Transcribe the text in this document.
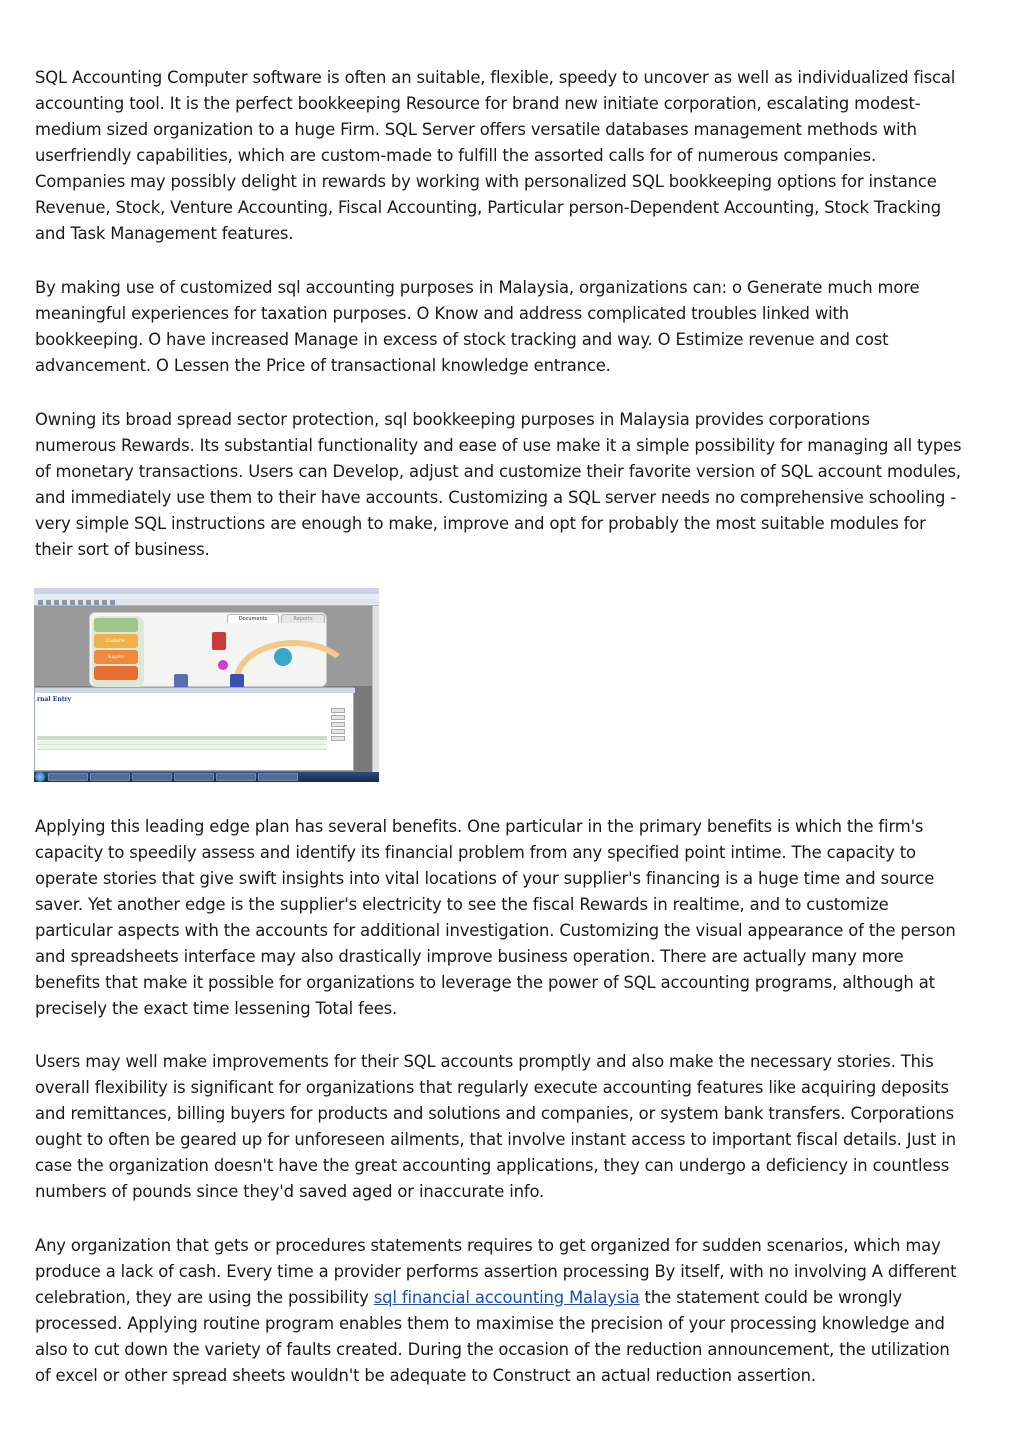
SQL Accounting Computer software is often an suitable, flexible, speedy to uncover as well as individualized fiscal
accounting tool. It is the perfect bookkeeping Resource for brand new initiate corporation, escalating modest-
medium sized organization to a huge Firm. SQL Server offers versatile databases management methods with
userfriendly capabilities, which are custom-made to fulfill the assorted calls for of numerous companies.
Companies may possibly delight in rewards by working with personalized SQL bookkeeping options for instance
Revenue, Stock, Venture Accounting, Fiscal Accounting, Particular person-Dependent Accounting, Stock Tracking
and Task Management features.

By making use of customized sql accounting purposes in Malaysia, organizations can: o Generate much more
meaningful experiences for taxation purposes. O Know and address complicated troubles linked with
bookkeeping. O have increased Manage in excess of stock tracking and way. O Estimize revenue and cost
advancement. O Lessen the Price of transactional knowledge entrance.

Owning its broad spread sector protection, sql bookkeeping purposes in Malaysia provides corporations
numerous Rewards. Its substantial functionality and ease of use make it a simple possibility for managing all types
of monetary transactions. Users can Develop, adjust and customize their favorite version of SQL account modules,
and immediately use them to their have accounts. Customizing a SQL server needs no comprehensive schooling -
very simple SQL instructions are enough to make, improve and opt for probably the most suitable modules for
their sort of business.

Documents	Reports
Customer
Supplier
rnal Entry

Applying this leading edge plan has several benefits. One particular in the primary benefits is which the firm's
capacity to speedily assess and identify its financial problem from any specified point intime. The capacity to
operate stories that give swift insights into vital locations of your supplier's financing is a huge time and source
saver. Yet another edge is the supplier's electricity to see the fiscal Rewards in realtime, and to customize
particular aspects with the accounts for additional investigation. Customizing the visual appearance of the person
and spreadsheets interface may also drastically improve business operation. There are actually many more
benefits that make it possible for organizations to leverage the power of SQL accounting programs, although at
precisely the exact time lessening Total fees.

Users may well make improvements for their SQL accounts promptly and also make the necessary stories. This
overall flexibility is significant for organizations that regularly execute accounting features like acquiring deposits
and remittances, billing buyers for products and solutions and companies, or system bank transfers. Corporations
ought to often be geared up for unforeseen ailments, that involve instant access to important fiscal details. Just in
case the organization doesn't have the great accounting applications, they can undergo a deficiency in countless
numbers of pounds since they'd saved aged or inaccurate info.

Any organization that gets or procedures statements requires to get organized for sudden scenarios, which may
produce a lack of cash. Every time a provider performs assertion processing By itself, with no involving A different
celebration, they are using the possibility sql financial accounting Malaysia the statement could be wrongly
processed. Applying routine program enables them to maximise the precision of your processing knowledge and
also to cut down the variety of faults created. During the occasion of the reduction announcement, the utilization
of excel or other spread sheets wouldn't be adequate to Construct an actual reduction assertion.
